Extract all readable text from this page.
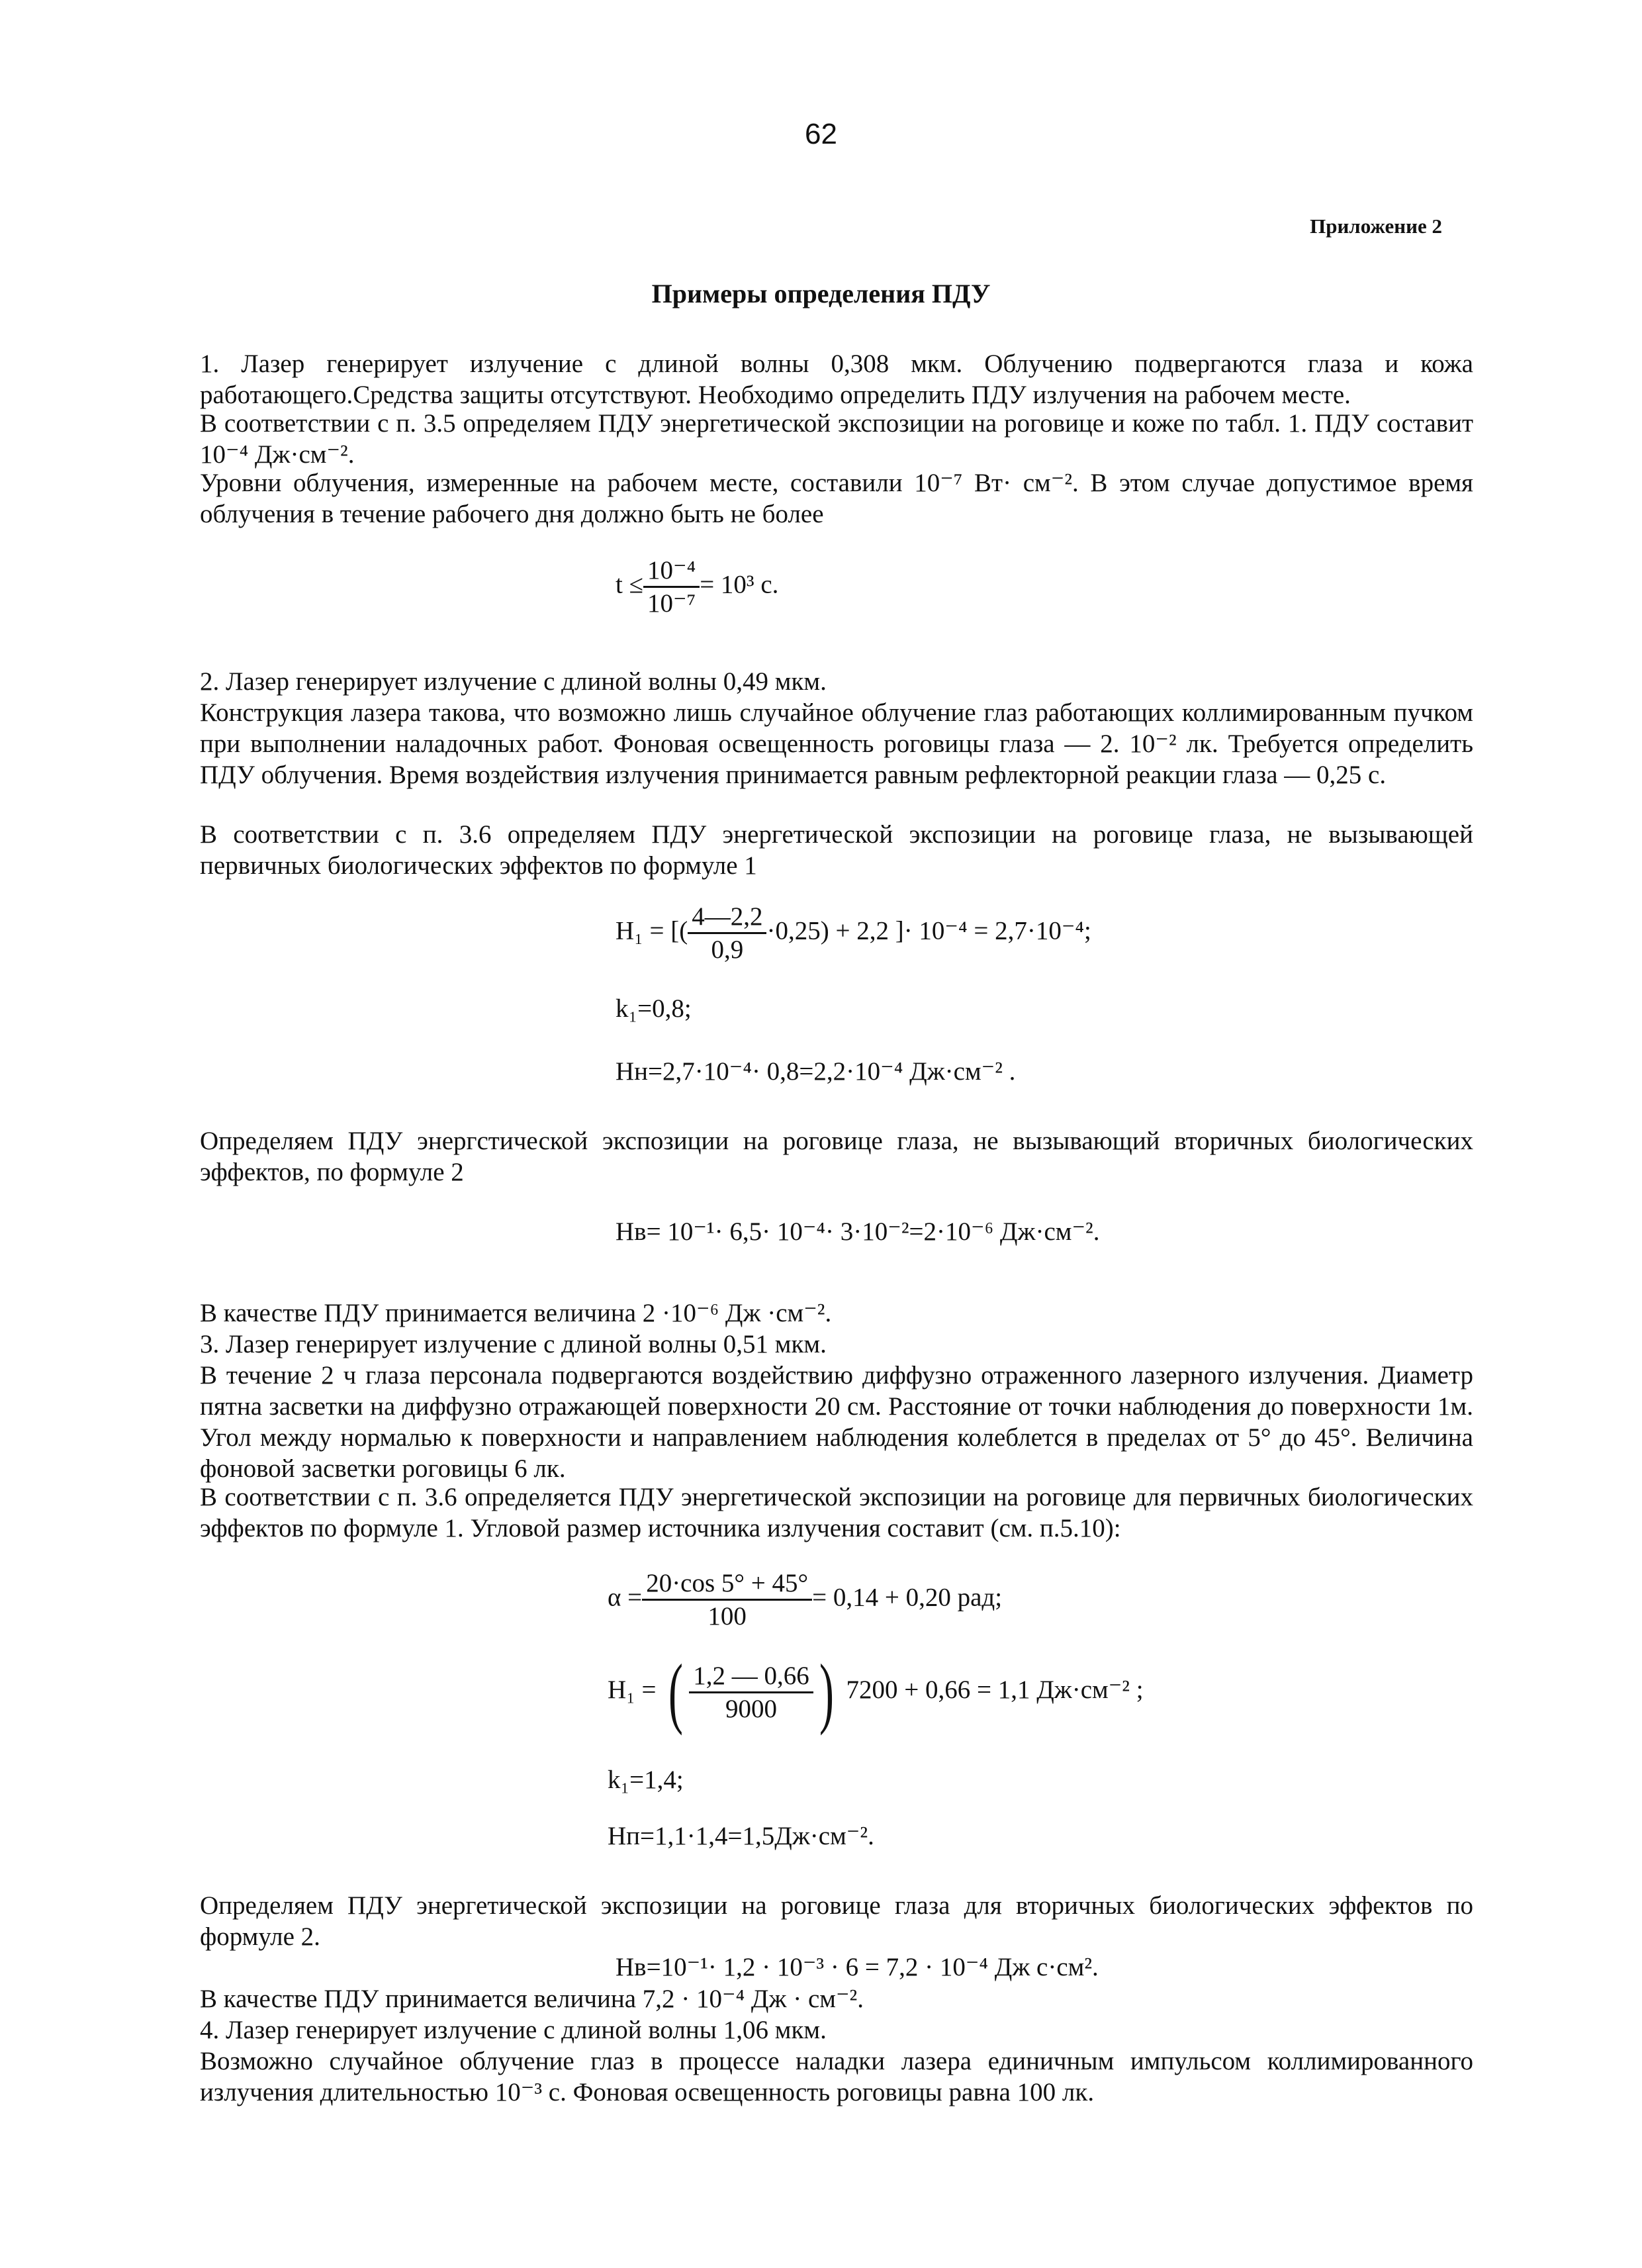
62
Приложение 2
Примеры определения ПДУ
1. Лазер генерирует излучение с длиной волны 0,308 мкм. Облучению подвергаются глаза и кожа работающего.Средства защиты отсутствуют. Необходимо определить ПДУ излучения на рабочем месте.
В соответствии с п. 3.5 определяем ПДУ энергетической экспозиции на роговице и коже по табл. 1. ПДУ составит 10⁻⁴ Дж·см⁻².
Уровни облучения, измеренные на рабочем месте, составили 10⁻⁷ Вт· см⁻². В этом случае допустимое время облучения в течение рабочего дня должно быть не более
$t \le \frac{\text{10⁻⁴}}{\text{10⁻⁷}} = 10^3$ с.
2. Лазер генерирует излучение с длиной волны 0,49 мкм.
Конструкция лазера такова, что возможно лишь случайное облучение глаз работающих коллимированным пучком при выполнении наладочных работ. Фоновая освещенность роговицы глаза — 2. 10⁻² лк. Требуется определить ПДУ облучения. Время воздействия излучения принимается равным рефлекторной реакции глаза — 0,25 с.
В соответствии с п. 3.6 определяем ПДУ энергетической экспозиции на роговице глаза, не вызывающей первичных биологических эффектов по формуле 1
H₁ = [( $\frac{4—2,2}{0,9} \cdot 0,25) + 2,2$ ]· 10⁻⁴ = 2,7·10⁻⁴;
k₁=0,8;
Hн=2,7·10⁻⁴· 0,8=2,2·10⁻⁴ Дж·см⁻² .
Определяем ПДУ энергстической экспозиции на роговице глаза, не вызывающий вторичных биологических эффектов, по формуле 2
Hв= 10⁻¹· 6,5· 10⁻⁴· 3·10⁻²=2·10⁻⁶ Дж·см⁻².
В качестве ПДУ принимается величина 2 ·10⁻⁶ Дж ·см⁻².
3. Лазер генерирует излучение с длиной волны 0,51 мкм.
В течение 2 ч глаза персонала подвергаются воздействию диффузно отраженного лазерного излучения. Диаметр пятна засветки на диффузно отражающей поверхности 20 см. Расстояние от точки наблюдения до поверхности 1м. Угол между нормалью к поверхности и направлением наблюдения колеблется в пределах от 5° до 45°. Величина фоновой засветки роговицы 6 лк.
В соответствии с п. 3.6 определяется ПДУ энергетической экспозиции на роговице для первичных биологических эффектов по формуле 1. Угловой размер источника излучения составит (см. п.5.10):
$\alpha = \frac{20\cdot\cos 5^\circ + 45^\circ}{100} = 0,14 + 0,20$ рад;
H₁ = ( $\frac{1,2 — 0,66}{9000}$ ) 7200 + 0,66 = 1,1 Дж·см⁻² ;
k₁=1,4;
Hп=1,1·1,4=1,5Дж·см⁻².
Определяем ПДУ энергетической экспозиции на роговице глаза для вторичных биологических эффектов по формуле 2.
Hв=10⁻¹· 1,2 · 10⁻³ · 6 = 7,2 · 10⁻⁴ Дж с·см².
В качестве ПДУ принимается величина 7,2 · 10⁻⁴ Дж · см⁻².
4. Лазер генерирует излучение с длиной волны 1,06 мкм.
Возможно случайное облучение глаз в процессе наладки лазера единичным импульсом коллимированного излучения длительностью 10⁻³ с. Фоновая освещенность роговицы равна 100 лк.
